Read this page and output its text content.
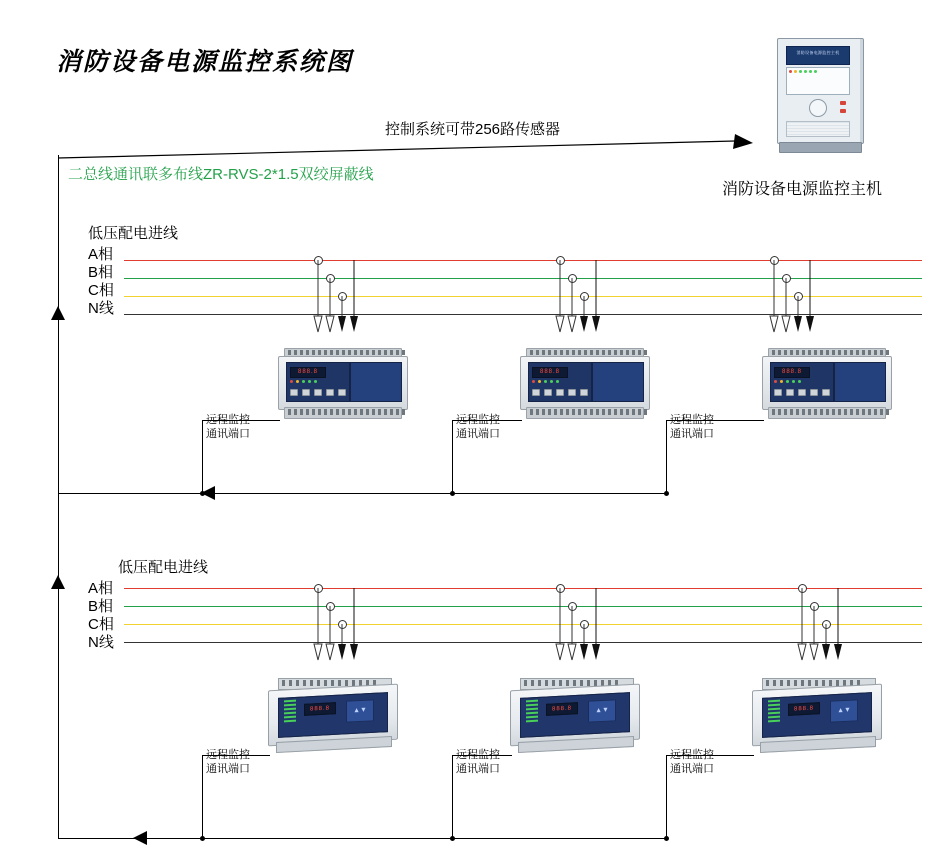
消防设备电源监控系统图	消防设备电源监控主机
消防设备电源监控主机
控制系统可带256路传感器
二总线通讯联多布线ZR-RVS-2*1.5双绞屏蔽线
低压配电进线
A相
B相
C相
N线
888.8
远程监控
通讯端口
888.8
远程监控
通讯端口
888.8
远程监控
通讯端口
低压配电进线
A相
B相
C相
N线
888.8	▲▼
远程监控
通讯端口
888.8	▲▼
远程监控
通讯端口
888.8	▲▼
远程监控
通讯端口
